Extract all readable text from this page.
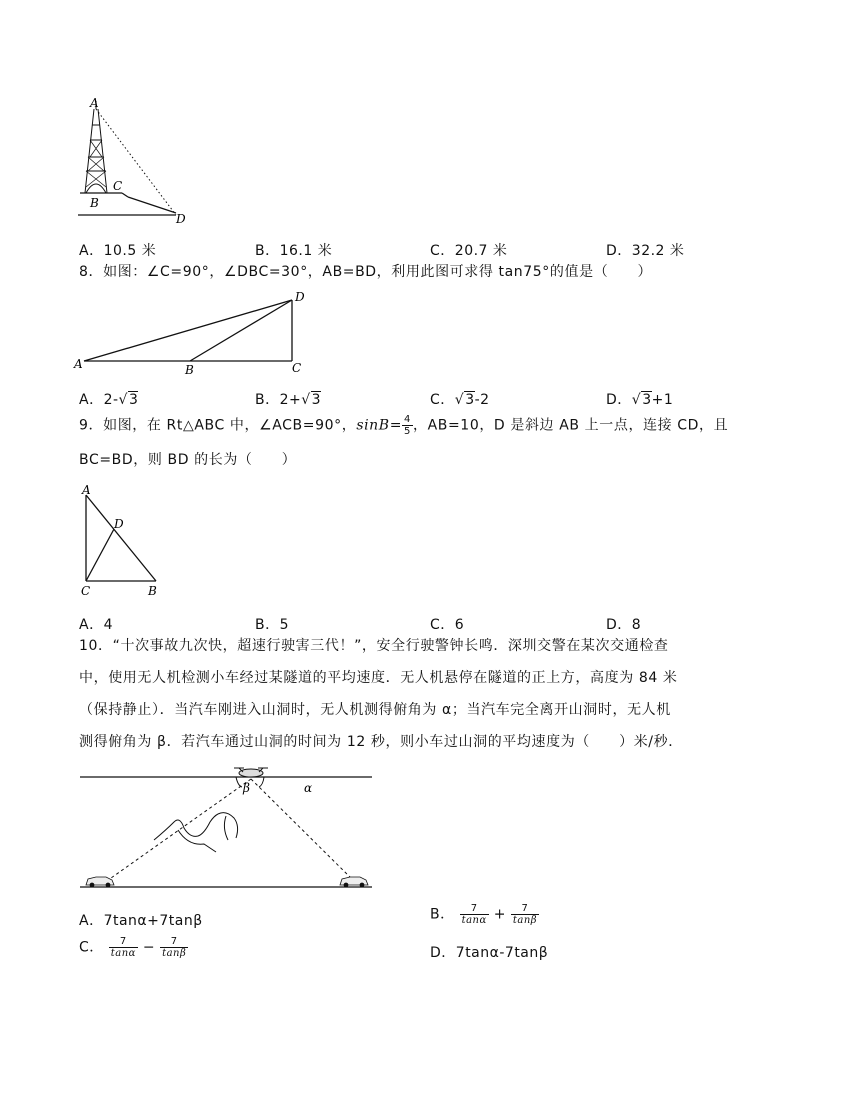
A
B
C
D
A．10.5 米	B．16.1 米	C．20.7 米	D．32.2 米
8．如图：∠C=90°，∠DBC=30°，AB=BD，利用此图可求得 tan75°的值是（　　）
A	B	C
D
A．2-√3	B．2+√3	C．√3-2	D．√3+1
9．如图，在 Rt△ABC 中，∠ACB=90°，$\sin B= \frac{4}{5}$ ，AB=10，D 是斜边 AB 上一点，连接 CD，且
BC=BD，则 BD 的长为（　　）
A
D
C	B
A．4	B．5	C．6	D．8
10．“十次事故九次快，超速行驶害三代！”，安全行驶警钟长鸣．深圳交警在某次交通检查
中，使用无人机检测小车经过某隧道的平均速度．无人机悬停在隧道的正上方，高度为 84 米
（保持静止）．当汽车刚进入山洞时，无人机测得俯角为 α；当汽车完全离开山洞时，无人机
测得俯角为 β．若汽车通过山洞的时间为 12 秒，则小车过山洞的平均速度为（　　）米/秒．
β	α
A．7tanα+7tanβ	B． $\frac{7}{\tan\alpha} + \frac{7}{\tan\beta}$
C． $\frac{7}{\tan\alpha} - \frac{7}{\tan\beta}$	D．7tanα-7tanβ
